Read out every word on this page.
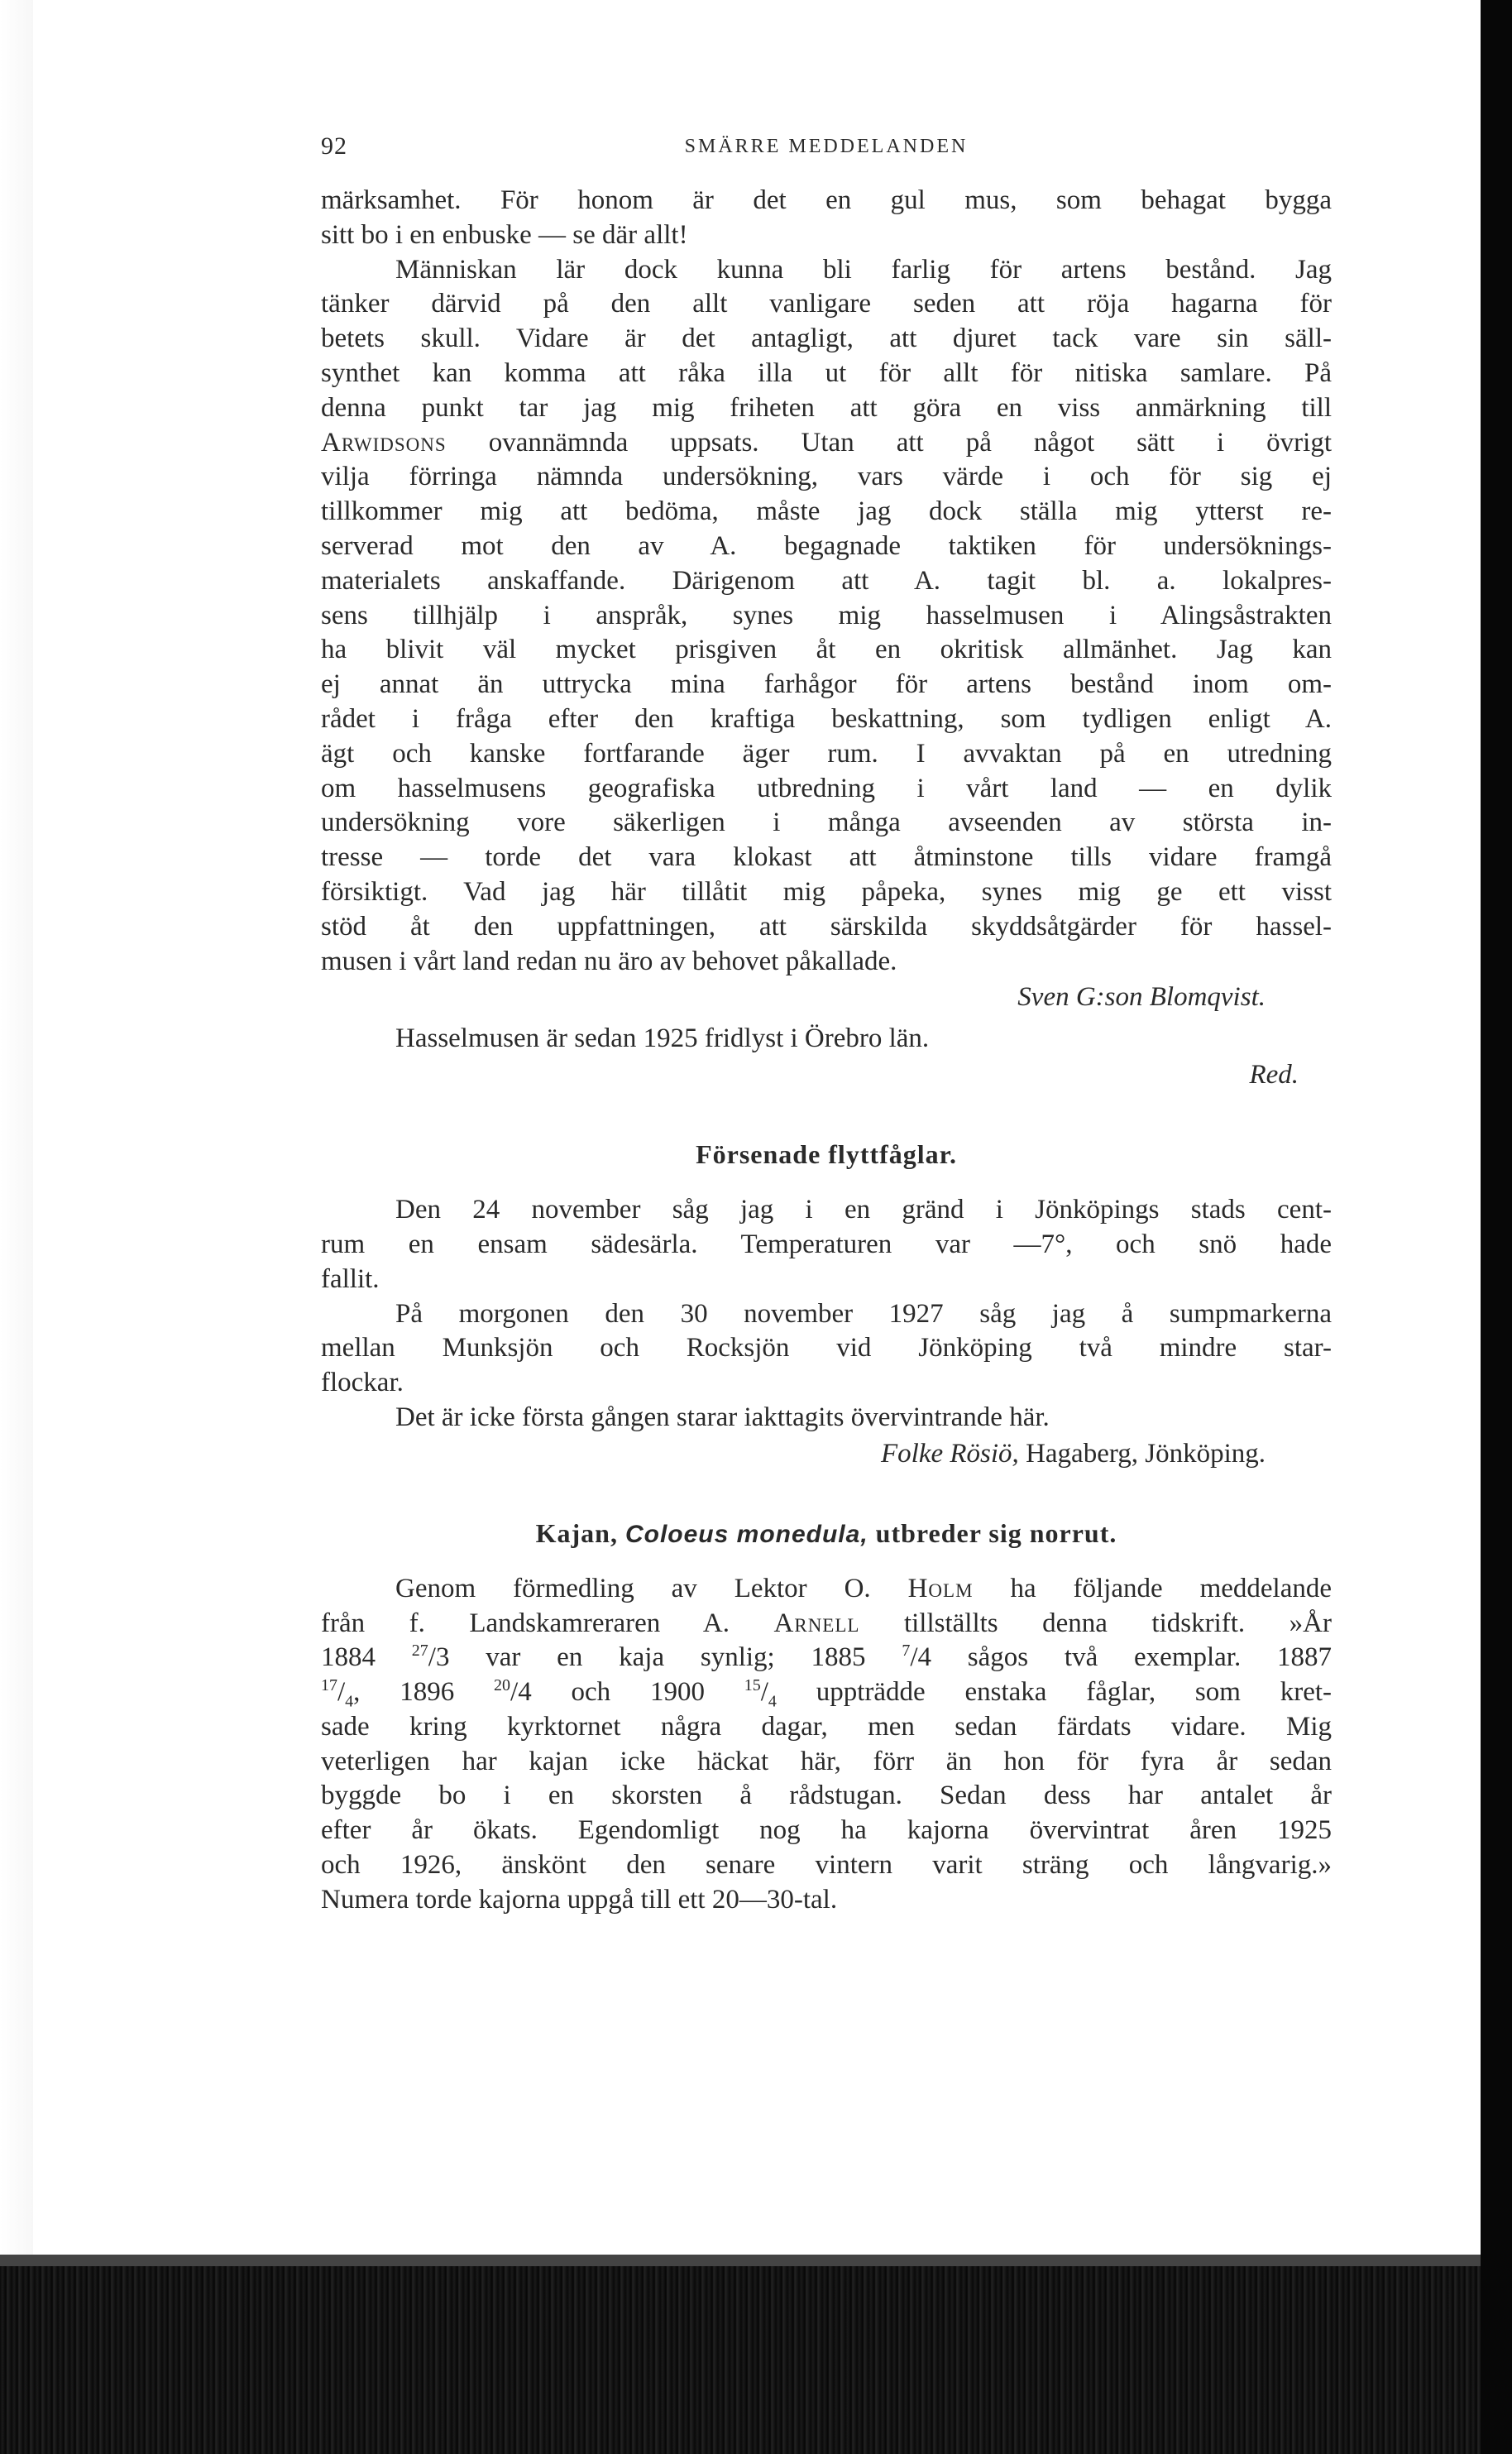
92	SMÄRRE MEDDELANDEN

märksamhet. För honom är det en gul mus, som behagat bygga

sitt bo i en enbuske — se där allt!

Människan lär dock kunna bli farlig för artens bestånd. Jag

tänker därvid på den allt vanligare seden att röja hagarna för

betets skull. Vidare är det antagligt, att djuret tack vare sin säll-

synthet kan komma att råka illa ut för allt för nitiska samlare. På

denna punkt tar jag mig friheten att göra en viss anmärkning till

Arwidsons ovannämnda uppsats. Utan att på något sätt i övrigt

vilja förringa nämnda undersökning, vars värde i och för sig ej

tillkommer mig att bedöma, måste jag dock ställa mig ytterst re-

serverad mot den av A. begagnade taktiken för undersöknings-

materialets anskaffande. Därigenom att A. tagit bl. a. lokalpres-

sens tillhjälp i anspråk, synes mig hasselmusen i Alingsåstrakten

ha blivit väl mycket prisgiven åt en okritisk allmänhet. Jag kan

ej annat än uttrycka mina farhågor för artens bestånd inom om-

rådet i fråga efter den kraftiga beskattning, som tydligen enligt A.

ägt och kanske fortfarande äger rum. I avvaktan på en utredning

om hasselmusens geografiska utbredning i vårt land — en dylik

undersökning vore säkerligen i många avseenden av största in-

tresse — torde det vara klokast att åtminstone tills vidare framgå

försiktigt. Vad jag här tillåtit mig påpeka, synes mig ge ett visst

stöd åt den uppfattningen, att särskilda skyddsåtgärder för hassel-

musen i vårt land redan nu äro av behovet påkallade.

Sven G:son Blomqvist.

Hasselmusen är sedan 1925 fridlyst i Örebro län.

Red.

Försenade flyttfåglar.

Den 24 november såg jag i en gränd i Jönköpings stads cent-

rum en ensam sädesärla. Temperaturen var —7°, och snö hade

fallit.

På morgonen den 30 november 1927 såg jag å sumpmarkerna

mellan Munksjön och Rocksjön vid Jönköping två mindre star-

flockar.

Det är icke första gången starar iakttagits övervintrande här.

Folke Rösiö, Hagaberg, Jönköping.

Kajan, Coloeus monedula, utbreder sig norrut.

Genom förmedling av Lektor O. Holm ha följande meddelande

från f. Landskamreraren A. Arnell tillställts denna tidskrift. »År

1884 $^{27}$/3 var en kaja synlig; 1885 $^7$/4 sågos två exemplar. 1887

$^{17}/_4$, 1896 $^{20}$/4 och 1900 $^{15}/_4$ uppträdde enstaka fåglar, som kret-

sade kring kyrktornet några dagar, men sedan färdats vidare. Mig

veterligen har kajan icke häckat här, förr än hon för fyra år sedan

byggde bo i en skorsten å rådstugan. Sedan dess har antalet år

efter år ökats. Egendomligt nog ha kajorna övervintrat åren 1925

och 1926, änskönt den senare vintern varit sträng och långvarig.»

Numera torde kajorna uppgå till ett 20—30-tal.
